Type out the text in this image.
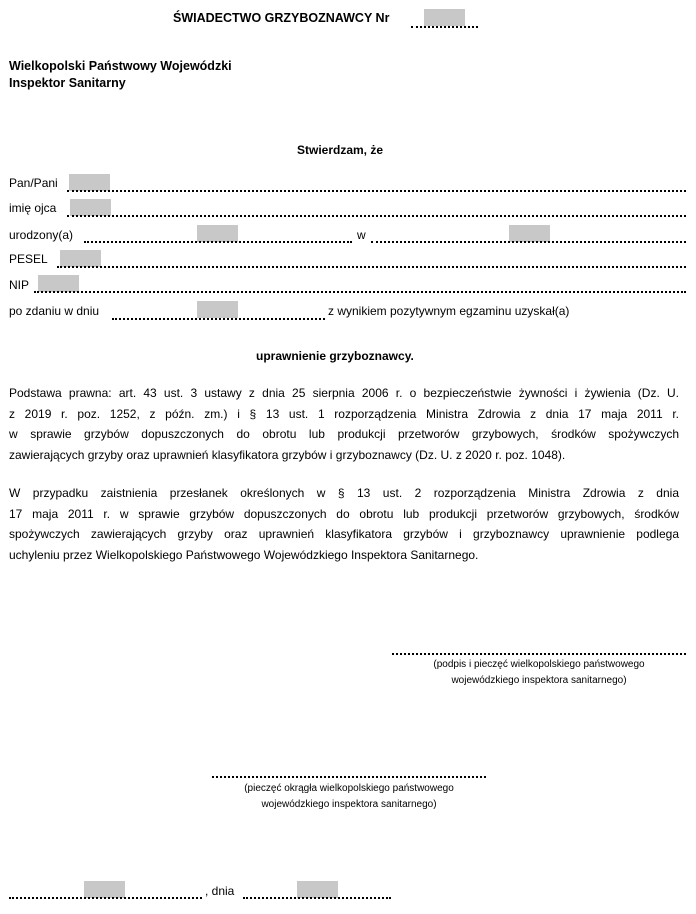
ŚWIADECTWO GRZYBOZNAWCY Nr
Wielkopolski Państwowy Wojewódzki
Inspektor Sanitarny
Stwierdzam, że
Pan/Pani
imię ojca
urodzony(a)	w
PESEL
NIP
po zdaniu w dniu	z wynikiem pozytywnym egzaminu uzyskał(a)
uprawnienie grzyboznawcy.
Podstawa prawna: art. 43 ust. 3 ustawy z dnia 25 sierpnia 2006 r. o bezpieczeństwie żywności i żywienia (Dz. U.
z 2019 r. poz. 1252, z późn. zm.) i § 13 ust. 1 rozporządzenia Ministra Zdrowia z dnia 17 maja 2011 r.
w sprawie grzybów dopuszczonych do obrotu lub produkcji przetworów grzybowych, środków spożywczych
zawierających grzyby oraz uprawnień klasyfikatora grzybów i grzyboznawcy (Dz. U. z 2020 r. poz. 1048).
W przypadku zaistnienia przesłanek określonych w § 13 ust. 2 rozporządzenia Ministra Zdrowia z dnia
17 maja 2011 r. w sprawie grzybów dopuszczonych do obrotu lub produkcji przetworów grzybowych, środków
spożywczych zawierających grzyby oraz uprawnień klasyfikatora grzybów i grzyboznawcy uprawnienie podlega
uchyleniu przez Wielkopolskiego Państwowego Wojewódzkiego Inspektora Sanitarnego.
(podpis i pieczęć wielkopolskiego państwowego
wojewódzkiego inspektora sanitarnego)
(pieczęć okrągła wielkopolskiego państwowego
wojewódzkiego inspektora sanitarnego)
, dnia
